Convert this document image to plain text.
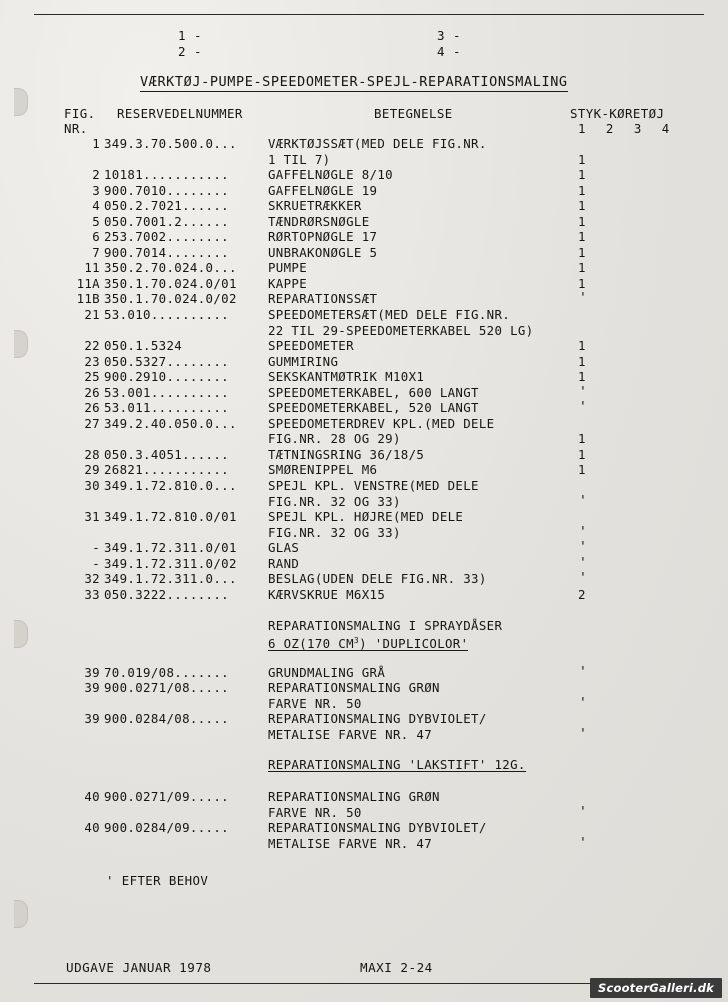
1 -
2 -
3 -
4 -
VÆRKTØJ-PUMPE-SPEEDOMETER-SPEJL-REPARATIONSMALING
FIG.
NR.
RESERVEDELNUMMER	BETEGNELSE	STYK-KØRETØJ
1 2 3 4
1 349.3.70.500.0...	VÆRKTØJSSÆT(MED DELE FIG.NR.
1 TIL 7)	1
2 10181...........	GAFFELNØGLE 8/10	1
3 900.7010........	GAFFELNØGLE 19	1
4 050.2.7021......	SKRUETRÆKKER	1
5 050.7001.2......	TÆNDRØRSNØGLE	1
6 253.7002........	RØRTOPNØGLE 17	1
7 900.7014........	UNBRAKONØGLE 5	1
11 350.2.70.024.0...	PUMPE	1
11A 350.1.70.024.0/01	KAPPE	1
11B 350.1.70.024.0/02	REPARATIONSSÆT	'
21 53.010..........	SPEEDOMETERSÆT(MED DELE FIG.NR.
22 TIL 29-SPEEDOMETERKABEL 520 LG)
22 050.1.5324	SPEEDOMETER	1
23 050.5327........	GUMMIRING	1
25 900.2910........	SEKSKANTMØTRIK M10X1	1
26 53.001..........	SPEEDOMETERKABEL, 600 LANGT	'
26 53.011..........	SPEEDOMETERKABEL, 520 LANGT	'
27 349.2.40.050.0...	SPEEDOMETERDREV KPL.(MED DELE
FIG.NR. 28 OG 29)	1
28 050.3.4051......	TÆTNINGSRING 36/18/5	1
29 26821...........	SMØRENIPPEL M6	1
30 349.1.72.810.0...	SPEJL KPL. VENSTRE(MED DELE
FIG.NR. 32 OG 33)	'
31 349.1.72.810.0/01	SPEJL KPL. HØJRE(MED DELE
FIG.NR. 32 OG 33)	'
- 349.1.72.311.0/01	GLAS	'
- 349.1.72.311.0/02	RAND	'
32 349.1.72.311.0...	BESLAG(UDEN DELE FIG.NR. 33)	'
33 050.3222........	KÆRVSKRUE M6X15	2
REPARATIONSMALING I SPRAYDÅSER
6 OZ(170 $CM^3$) 'DUPLICOLOR'
39 70.019/08.......	GRUNDMALING GRÅ	'
39 900.0271/08.....	REPARATIONSMALING GRØN
FARVE NR. 50	'
39 900.0284/08.....	REPARATIONSMALING DYBVIOLET/
METALISE FARVE NR. 47	'
REPARATIONSMALING 'LAKSTIFT' 12G.
40 900.0271/09.....	REPARATIONSMALING GRØN
FARVE NR. 50	'
40 900.0284/09.....	REPARATIONSMALING DYBVIOLET/
METALISE FARVE NR. 47	'
' EFTER BEHOV
UDGAVE JANUAR 1978	MAXI 2-24
ScooterGalleri.dk
